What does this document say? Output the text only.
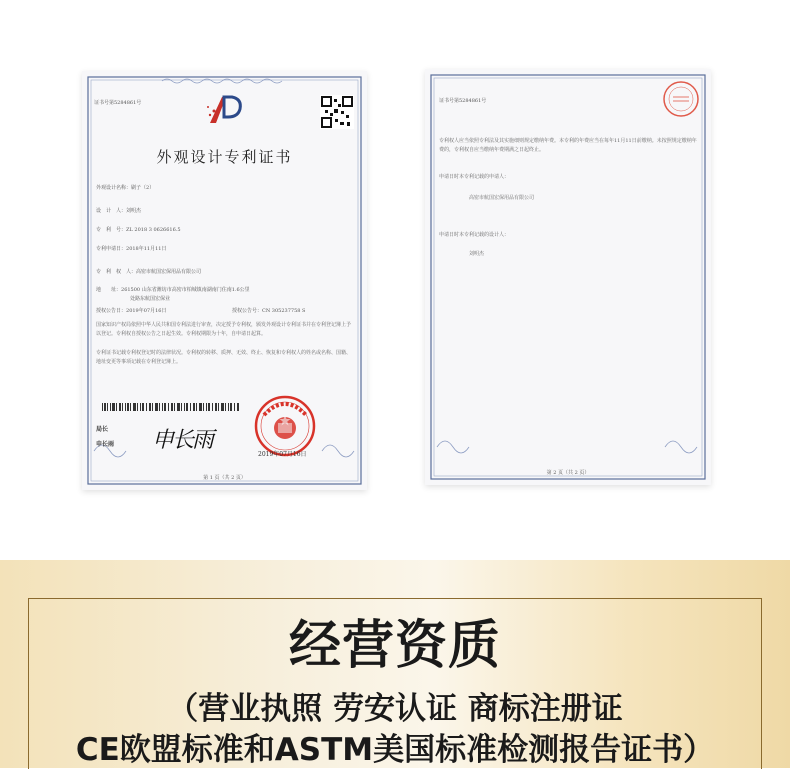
证书号第5284861号
外观设计专利证书
外观设计名称：刷子（2）
设　计　人：刘明杰
专　利　号：ZL 2018 3 0626616.5
专利申请日：2018年11月11日
专　利　权　人：高密市航国宏保用品有限公司
地　　址：261500 山东省潍坊市高密市柏城镇南湖南门住南1.6公里
处路东航国宏保业
授权公告日：2019年07月16日	授权公告号：CN 305237758 S
国家知识产权局依照中华人民共和国专利法进行审查，决定授予专利权，颁发外观设计专利证书并在专利登记簿上予以登记。专利权自授权公告之日起生效。专利权期限为十年，自申请日起算。
专利证书记载专利权登记时的法律状况。专利权的转移、质押、无效、终止、恢复和专利权人的姓名或名称、国籍、地址变更等事项记载在专利登记簿上。
局长
申长雨 申长雨
2019年07月16日
第 1 页（共 2 页）
证书号第5284861号
专利权人应当依照专利法及其实施细则规定缴纳年费。本专利的年费应当在每年11月11日前缴纳。未按照规定缴纳年费的，专利权自应当缴纳年费期满之日起终止。
申请日时本专利记载的申请人：
高密市航国宏保用品有限公司
申请日时本专利记载的设计人：
刘明杰
第 2 页（共 2 页）
经营资质
（营业执照 劳安认证 商标注册证
CE欧盟标准和ASTM美国标准检测报告证书）
